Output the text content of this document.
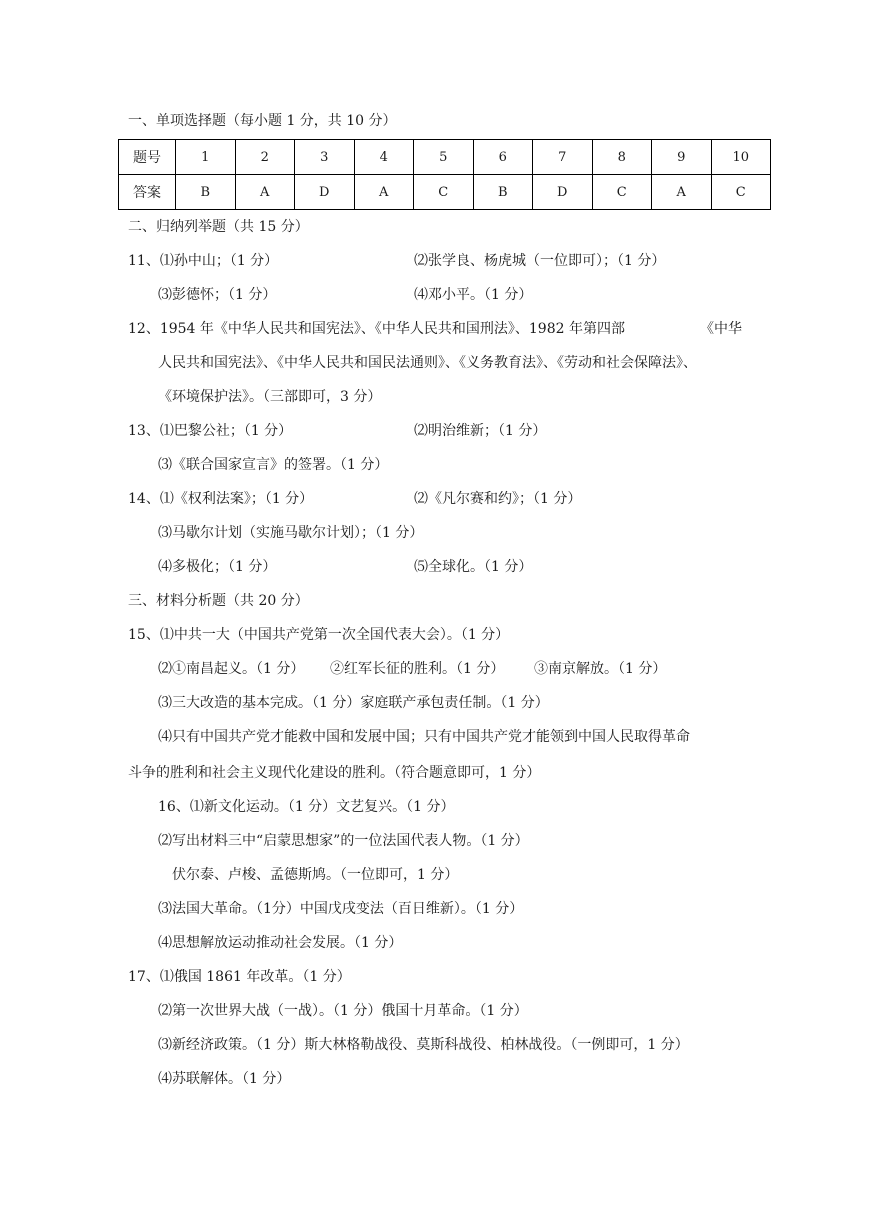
一、单项选择题（每小题 1 分，共 10 分）
题号	1	2	3	4	5	6	7	8	9	10
答案	B	A	D	A	C	B	D	C	A	C
二、归纳列举题（共 15 分）
11、⑴孙中山；（1 分）	⑵张学良、杨虎城（一位即可）；（1 分）
⑶彭德怀；（1 分）	⑷邓小平。（1 分）
12、1954 年《中华人民共和国宪法》、《中华人民共和国刑法》、1982 年第四部	《中华
人民共和国宪法》、《中华人民共和国民法通则》、《义务教育法》、《劳动和社会保障法》、
《环境保护法》。（三部即可，3 分）
13、⑴巴黎公社；（1 分）	⑵明治维新；（1 分）
⑶《联合国家宣言》的签署。（1 分）
14、⑴《权利法案》；（1 分）	⑵《凡尔赛和约》；（1 分）
⑶马歇尔计划（实施马歇尔计划）；（1 分）
⑷多极化；（1 分）	⑸全球化。（1 分）
三、材料分析题（共 20 分）
15、⑴中共一大（中国共产党第一次全国代表大会）。（1 分）
⑵①南昌起义。（1 分） ②红军长征的胜利。（1 分） ③南京解放。（1 分）
⑶三大改造的基本完成。（1 分）家庭联产承包责任制。（1 分）
⑷只有中国共产党才能救中国和发展中国；只有中国共产党才能领到中国人民取得革命
斗争的胜利和社会主义现代化建设的胜利。（符合题意即可，1 分）
16、⑴新文化运动。（1 分）文艺复兴。（1 分）
⑵写出材料三中“启蒙思想家”的一位法国代表人物。（1 分）
伏尔泰、卢梭、孟德斯鸠。（一位即可，1 分）
⑶法国大革命。（1分）中国戊戌变法（百日维新）。（1 分）
⑷思想解放运动推动社会发展。（1 分）
17、⑴俄国 1861 年改革。（1 分）
⑵第一次世界大战（一战）。（1 分）俄国十月革命。（1 分）
⑶新经济政策。（1 分）斯大林格勒战役、莫斯科战役、柏林战役。（一例即可，1 分）
⑷苏联解体。（1 分）
